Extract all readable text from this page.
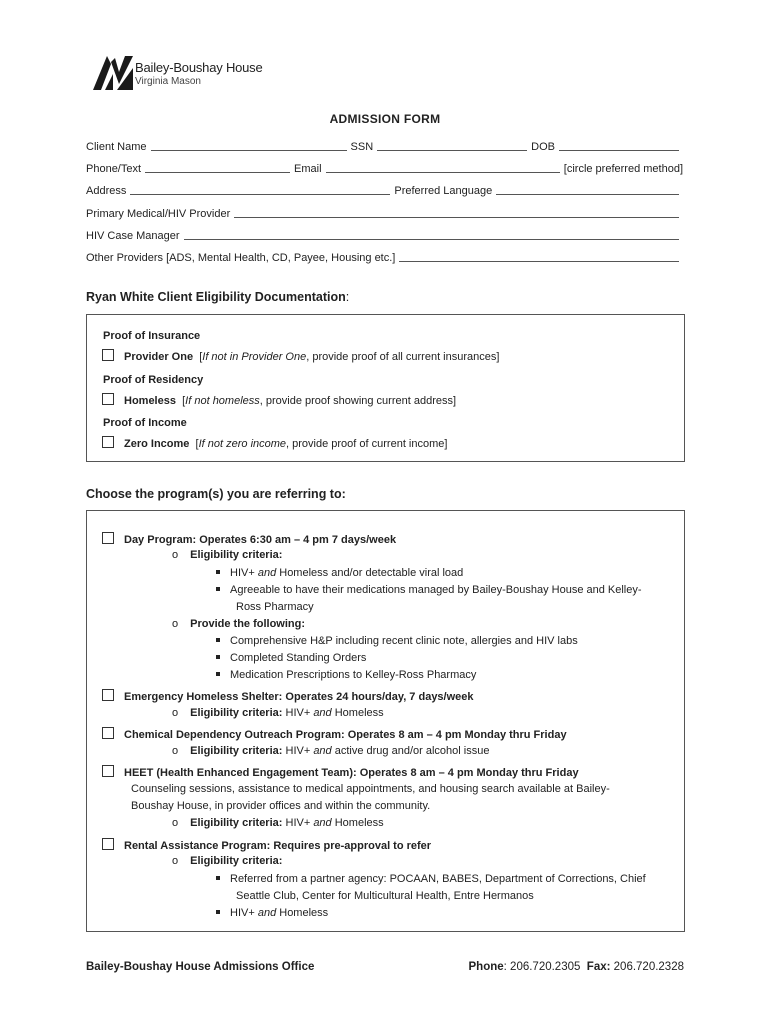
Bailey-Boushay House
Virginia Mason
ADMISSION FORM
Client Name	SSN	DOB
Phone/Text	Email	[circle preferred method]
Address	Preferred Language
Primary Medical/HIV Provider
HIV Case Manager
Other Providers [ADS, Mental Health, CD, Payee, Housing etc.]
Ryan White Client Eligibility Documentation:
Proof of Insurance
Provider One [If not in Provider One, provide proof of all current insurances]
Proof of Residency
Homeless [If not homeless, provide proof showing current address]
Proof of Income
Zero Income [If not zero income, provide proof of current income]
Choose the program(s) you are referring to:
Day Program: Operates 6:30 am – 4 pm 7 days/week
o Eligibility criteria:
HIV+ and Homeless and/or detectable viral load
Agreeable to have their medications managed by Bailey-Boushay House and Kelley-
Ross Pharmacy
o Provide the following:
Comprehensive H&P including recent clinic note, allergies and HIV labs
Completed Standing Orders
Medication Prescriptions to Kelley-Ross Pharmacy
Emergency Homeless Shelter: Operates 24 hours/day, 7 days/week
o Eligibility criteria: HIV+ and Homeless
Chemical Dependency Outreach Program: Operates 8 am – 4 pm Monday thru Friday
o Eligibility criteria: HIV+ and active drug and/or alcohol issue
HEET (Health Enhanced Engagement Team): Operates 8 am – 4 pm Monday thru Friday
Counseling sessions, assistance to medical appointments, and housing search available at Bailey-
Boushay House, in provider offices and within the community.
o Eligibility criteria: HIV+ and Homeless
Rental Assistance Program: Requires pre-approval to refer
o Eligibility criteria:
Referred from a partner agency: POCAAN, BABES, Department of Corrections, Chief
Seattle Club, Center for Multicultural Health, Entre Hermanos
HIV+ and Homeless
Bailey-Boushay House Admissions Office	Phone: 206.720.2305 Fax: 206.720.2328
